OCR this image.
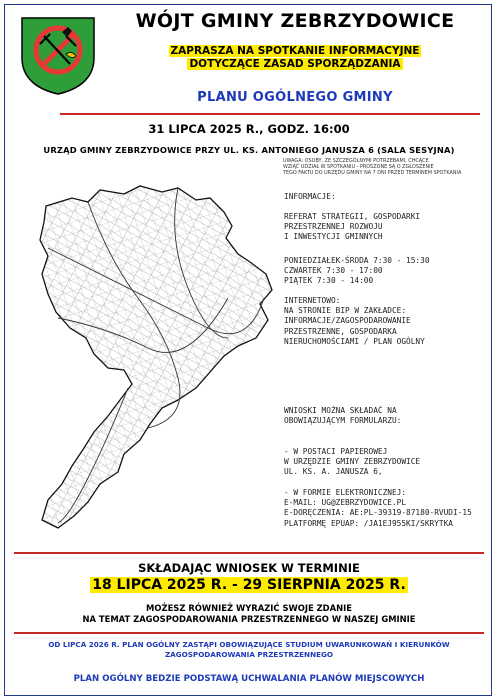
WÓJT GMINY ZEBRZYDOWICE
ZAPRASZA NA SPOTKANIE INFORMACYJNE
DOTYCZĄCE ZASAD SPORZĄDZANIA
PLANU OGÓLNEGO GMINY
31 LIPCA 2025 R., GODZ. 16:00
URZĄD GMINY ZEBRZYDOWICE PRZY UL. KS. ANTONIEGO JANUSZA 6 (SALA SESYJNA)
UWAGA: OSOBY, ZE SZCZEGÓLNYMI POTRZEBAMI, CHCĄCE
WZIĄĆ UDZIAŁ W SPOTKANIU - PROSZONE SĄ O ZGŁOSZENIE
TEGO FAKTU DO URZĘDU GMINY NA 7 DNI PRZED TERMINEM SPOTKANIA
INFORMACJE:
REFERAT STRATEGII, GOSPODARKI
PRZESTRZENNEJ ROZWOJU
I INWESTYCJI GMINNYCH
PONIEDZIAŁEK-ŚRODA 7:30 - 15:30
CZWARTEK 7:30 - 17:00
PIĄTEK 7:30 - 14:00
INTERNETOWO:
NA STRONIE BIP W ZAKŁADCE:
INFORMACJE/ZAGOSPODAROWANIE
PRZESTRZENNE, GOSPODARKA
NIERUCHOMOŚCIAMI / PLAN OGÓLNY
WNIOSKI MOŻNA SKŁADAĆ NA
OBOWIĄZUJĄCYM FORMULARZU:
- W POSTACI PAPIEROWEJ
W URZĘDZIE GMINY ZEBRZYDOWICE
UL. KS. A. JANUSZA 6,
- W FORMIE ELEKTRONICZNEJ:
E-MAIL: UG@ZEBRZYDOWICE.PL
E-DORĘCZENIA: AE:PL-39319-87180-RVUDI-15
PLATFORMĘ EPUAP: /JA1EJ955KI/SKRYTKA
SKŁADAJĄC WNIOSEK W TERMINIE
18 LIPCA 2025 R. - 29 SIERPNIA 2025 R.
MOŻESZ RÓWNIEŻ WYRAZIĆ SWOJE ZDANIE
NA TEMAT ZAGOSPODAROWANIA PRZESTRZENNEGO W NASZEJ GMINIE
OD LIPCA 2026 R. PLAN OGÓLNY ZASTĄPI OBOWIĄZUJĄCE STUDIUM UWARUNKOWAŃ I KIERUNKÓW
ZAGOSPODAROWANIA PRZESTRZENNEGO
PLAN OGÓLNY BEDZIE PODSTAWĄ UCHWALANIA PLANÓW MIEJSCOWYCH
